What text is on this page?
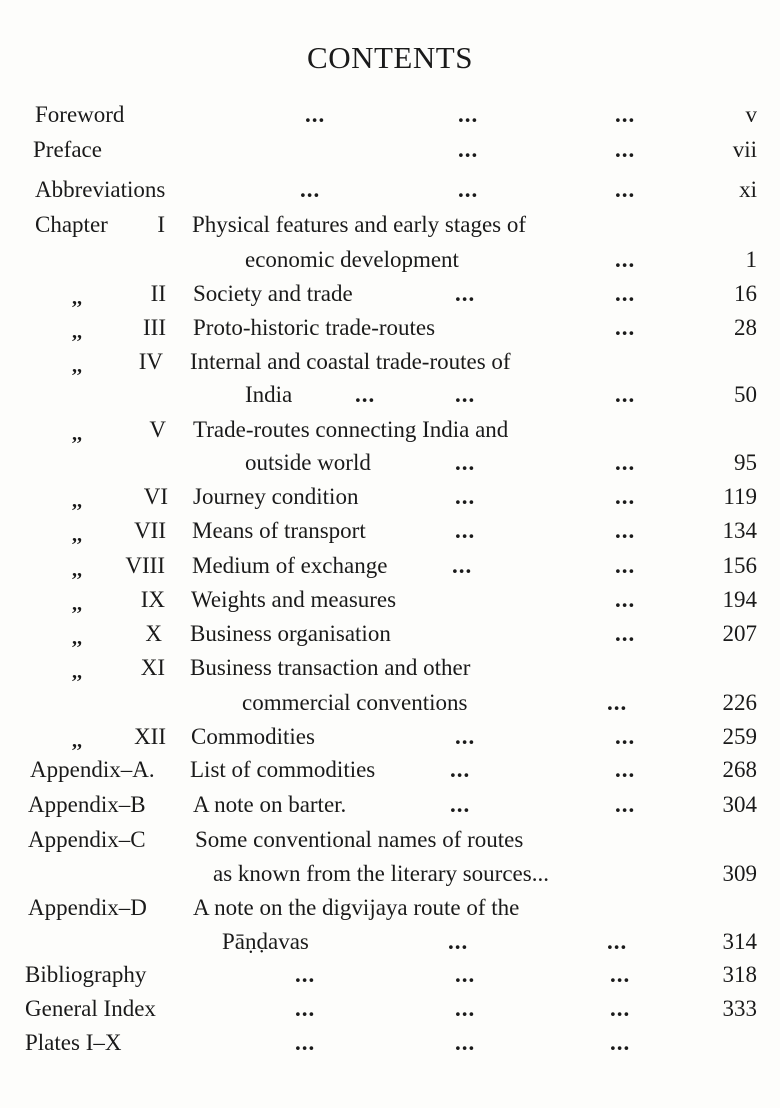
CONTENTS
Foreword	...	...	...	v
Preface	...	...	vii
Abbreviations	...	...	...	xi
Chapter	I Physical features and early stages of
economic development	...	1
,,	II Society and trade	...	...	16
,,	III Proto-historic trade-routes	...	28
,,	IV Internal and coastal trade-routes of
India	...	...	...	50
,,	V Trade-routes connecting India and
outside world	...	...	95
,,	VI Journey condition	...	...	119
,,	VII Means of transport	...	...	134
,,	VIII Medium of exchange	...	...	156
,,	IX Weights and measures	...	194
,,	X Business organisation	...	207
,,	XI Business transaction and other
commercial conventions	...	226
,,	XII Commodities	...	...	259
Appendix–A. List of commodities	...	...	268
Appendix–B A note on barter.	...	...	304
Appendix–C Some conventional names of routes
as known from the literary sources...	309
Appendix–D A note on the digvijaya route of the
Pāṇḍavas	...	...	314
Bibliography	...	...	...	318
General Index	...	...	...	333
Plates I–X	...	...	...
